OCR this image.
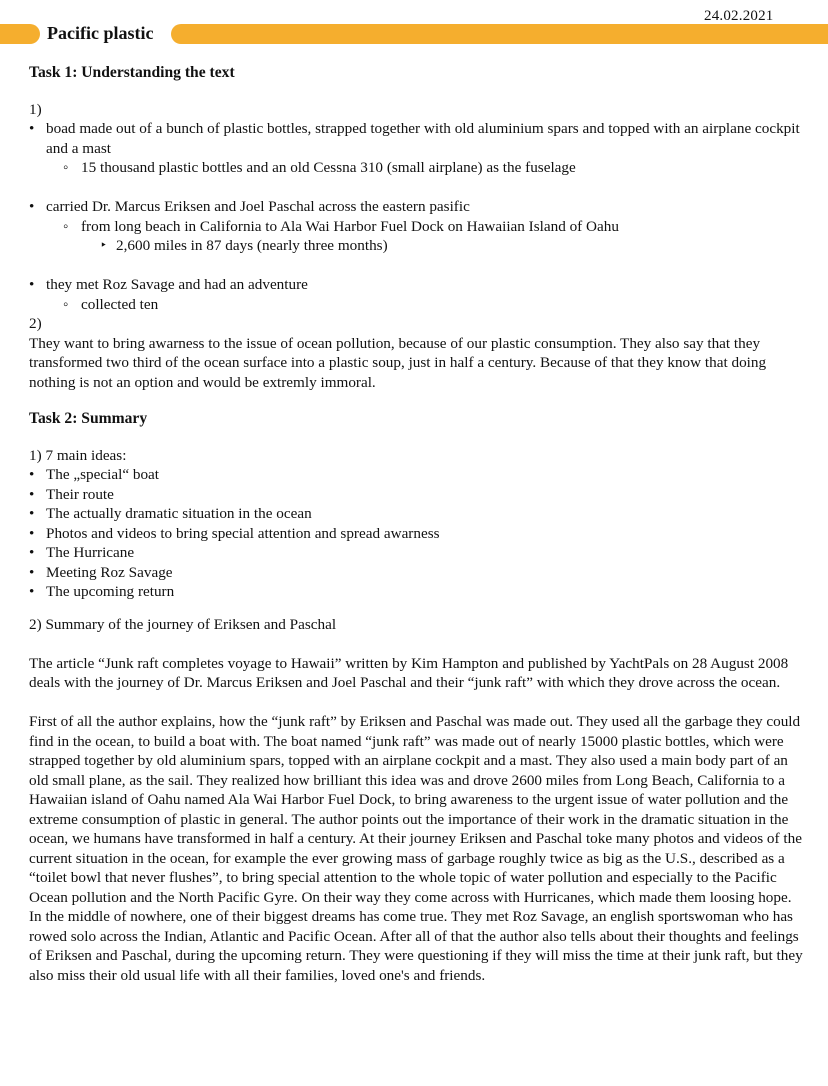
24.02.2021
Pacific plastic

Task 1: Understanding the text

1)

• boad made out of a bunch of plastic bottles, strapped together with old aluminium spars and topped with an airplane cockpit and a mast
◦ 15 thousand plastic bottles and an old Cessna 310 (small airplane) as the fuselage
• carried Dr. Marcus Eriksen and Joel Paschal across the eastern pasific
◦ from long beach in California to Ala Wai Harbor Fuel Dock on Hawaiian Island of Oahu
‣ 2,600 miles in 87 days (nearly three months)
• they met Roz Savage and had an adventure
◦ collected ten

2)

They want to bring awarness to the issue of ocean pollution, because of our plastic consumption. They also say that they transformed two third of the ocean surface into a plastic soup, just in half a century. Because of that they know that doing nothing is not an option and would be extremly immoral.

Task 2: Summary

1) 7 main ideas:

• The „special“ boat
• Their route
• The actually dramatic situation in the ocean
• Photos and videos to bring special attention and spread awarness
• The Hurricane
• Meeting Roz Savage
• The upcoming return

2) Summary of the journey of Eriksen and Paschal

The article “Junk raft completes voyage to Hawaii” written by Kim Hampton and published by YachtPals on 28 August 2008 deals with the journey of Dr. Marcus Eriksen and Joel Paschal and their “junk raft” with which they drove across the ocean.

First of all the author explains, how the “junk raft” by Eriksen and Paschal was made out. They used all the garbage they could find in the ocean, to build a boat with. The boat named “junk raft” was made out of nearly 15000 plastic bottles, which were strapped together by old aluminium spars, topped with an airplane cockpit and a mast. They also used a main body part of an old small plane, as the sail. They realized how brilliant this idea was and drove 2600 miles from Long Beach, California to a Hawaiian island of Oahu named Ala Wai Harbor Fuel Dock, to bring awareness to the urgent issue of water pollution and the extreme consumption of plastic in general. The author points out the importance of their work in the dramatic situation in the ocean, we humans have transformed in half a century. At their journey Eriksen and Paschal toke many photos and videos of the current situation in the ocean, for example the ever growing mass of garbage roughly twice as big as the U.S., described as a “toilet bowl that never flushes”, to bring special attention to the whole topic of water pollution and especially to the Pacific Ocean pollution and the North Pacific Gyre. On their way they come across with Hurricanes, which made them loosing hope. In the middle of nowhere, one of their biggest dreams has come true. They met Roz Savage, an english sportswoman who has rowed solo across the Indian, Atlantic and Pacific Ocean. After all of that the author also tells about their thoughts and feelings of Eriksen and Paschal, during the upcoming return. They were questioning if they will miss the time at their junk raft, but they also miss their old usual life with all their families, loved one's and friends.
